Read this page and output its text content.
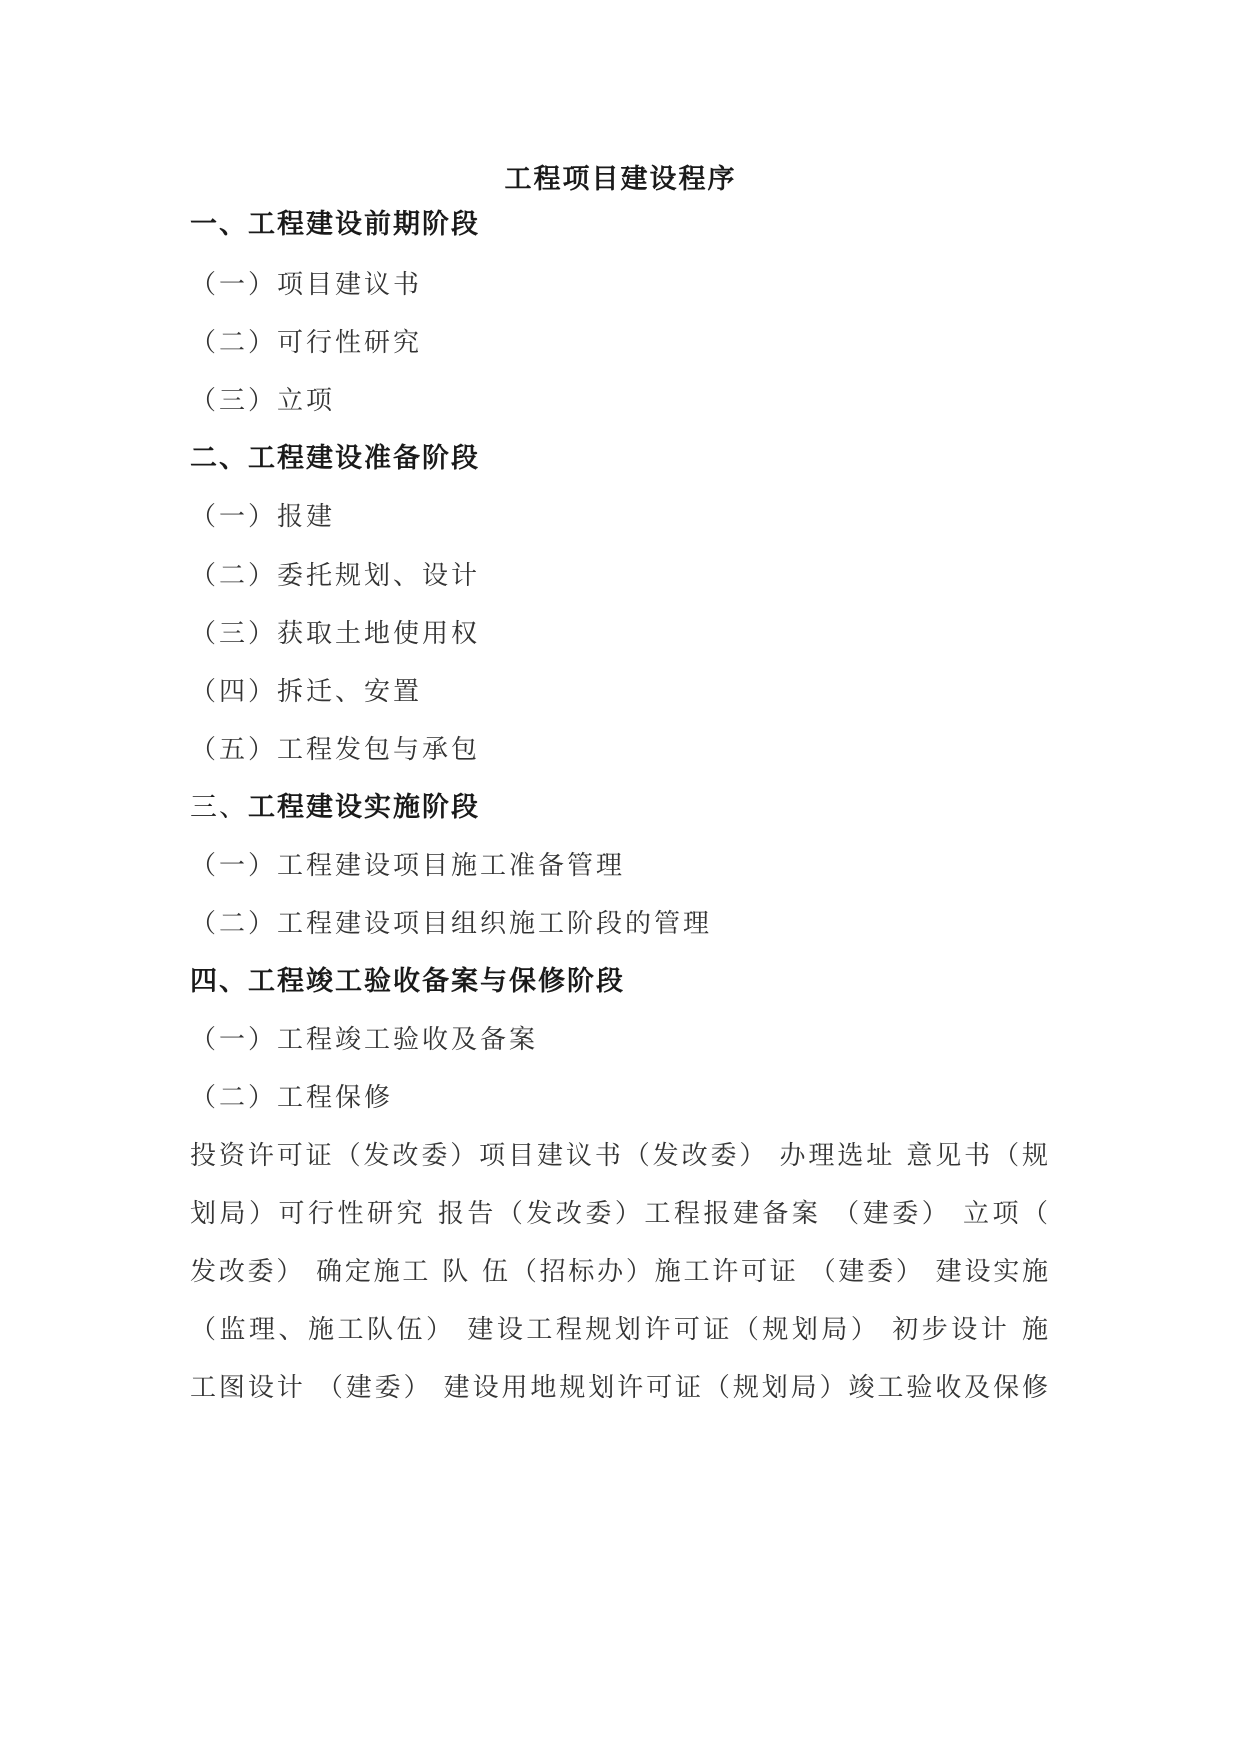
工程项目建设程序
一、工程建设前期阶段
（一）项目建议书
（二）可行性研究
（三）立项
二、工程建设准备阶段
（一）报建
（二）委托规划、设计
（三）获取土地使用权
（四）拆迁、安置
（五）工程发包与承包
三、工程建设实施阶段
（一）工程建设项目施工准备管理
（二）工程建设项目组织施工阶段的管理
四、工程竣工验收备案与保修阶段
（一）工程竣工验收及备案
（二）工程保修
投资许可证（发改委）项目建议书（发改委） 办理选址 意见书（规
划局）可行性研究 报告（发改委）工程报建备案 （建委） 立项（
发改委） 确定施工 队 伍（招标办）施工许可证 （建委） 建设实施
（监理、施工队伍） 建设工程规划许可证（规划局） 初步设计 施
工图设计 （建委） 建设用地规划许可证（规划局）竣工验收及保修
